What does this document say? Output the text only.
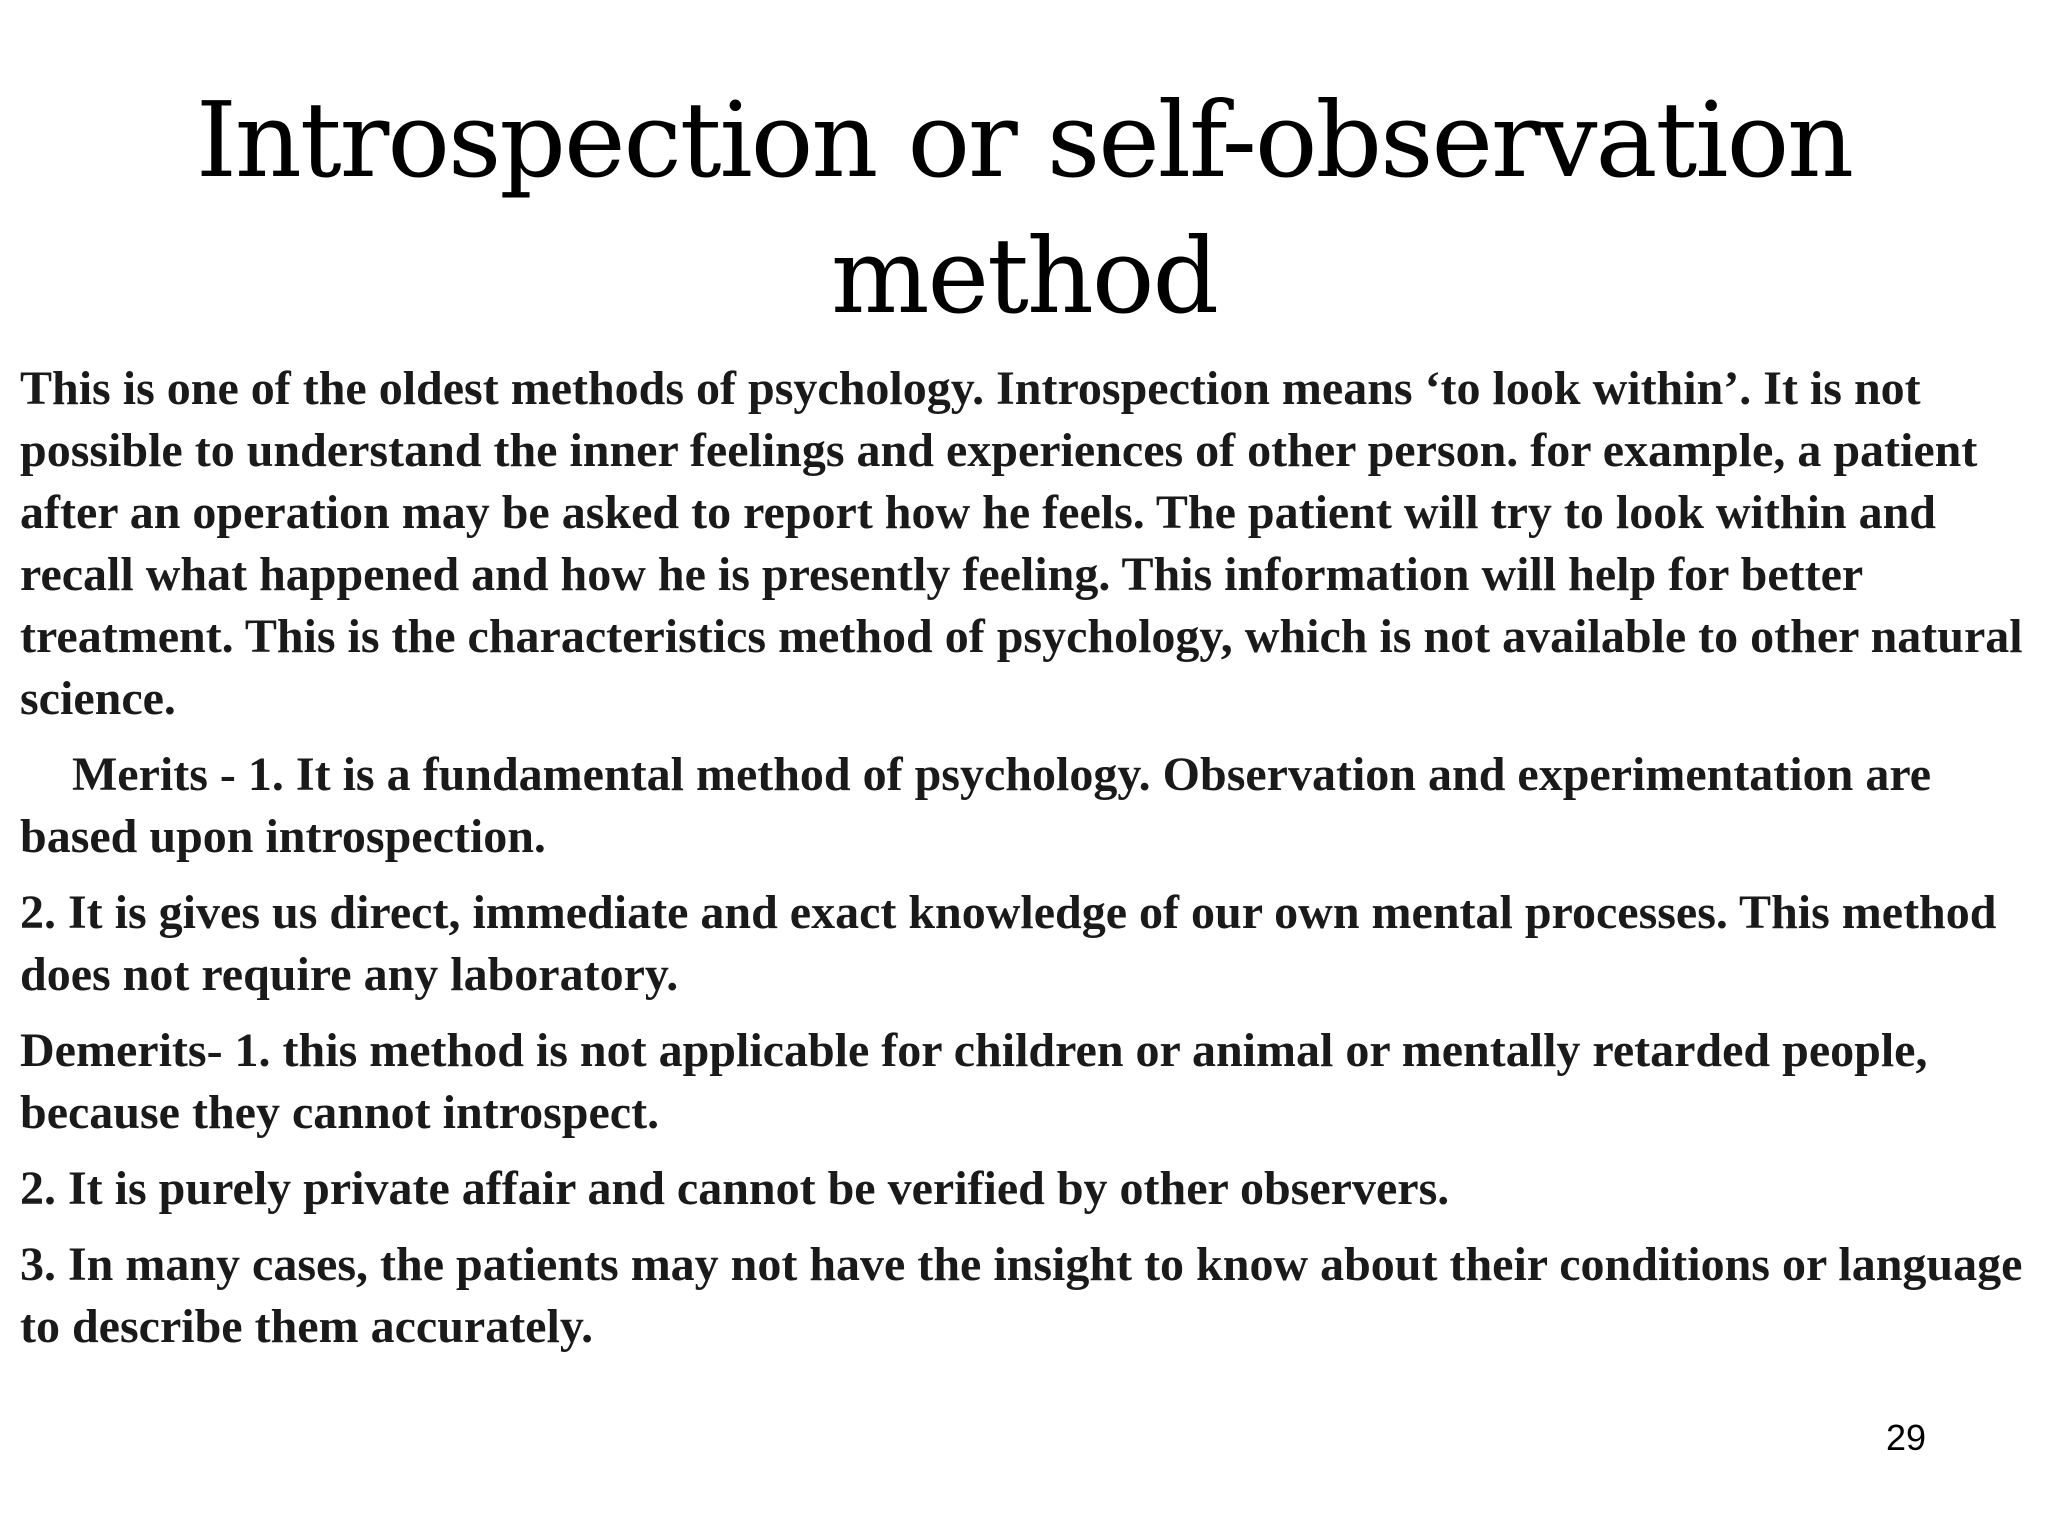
Introspection or self-observation method

This is one of the oldest methods of psychology. Introspection means ‘to look within’. It is not possible to understand the inner feelings and experiences of other person. for example, a patient after an operation may be asked to report how he feels. The patient will try to look within and recall what happened and how he is presently feeling. This information will help for better treatment. This is the characteristics method of psychology, which is not available to other natural science.

Merits - 1. It is a fundamental method of psychology. Observation and experimentation are based upon introspection.

2. It is gives us direct, immediate and exact knowledge of our own mental processes. This method does not require any laboratory.

Demerits- 1. this method is not applicable for children or animal or mentally retarded people, because they cannot introspect.

2. It is purely private affair and cannot be verified by other observers.

3. In many cases, the patients may not have the insight to know about their conditions or language to describe them accurately.

29
